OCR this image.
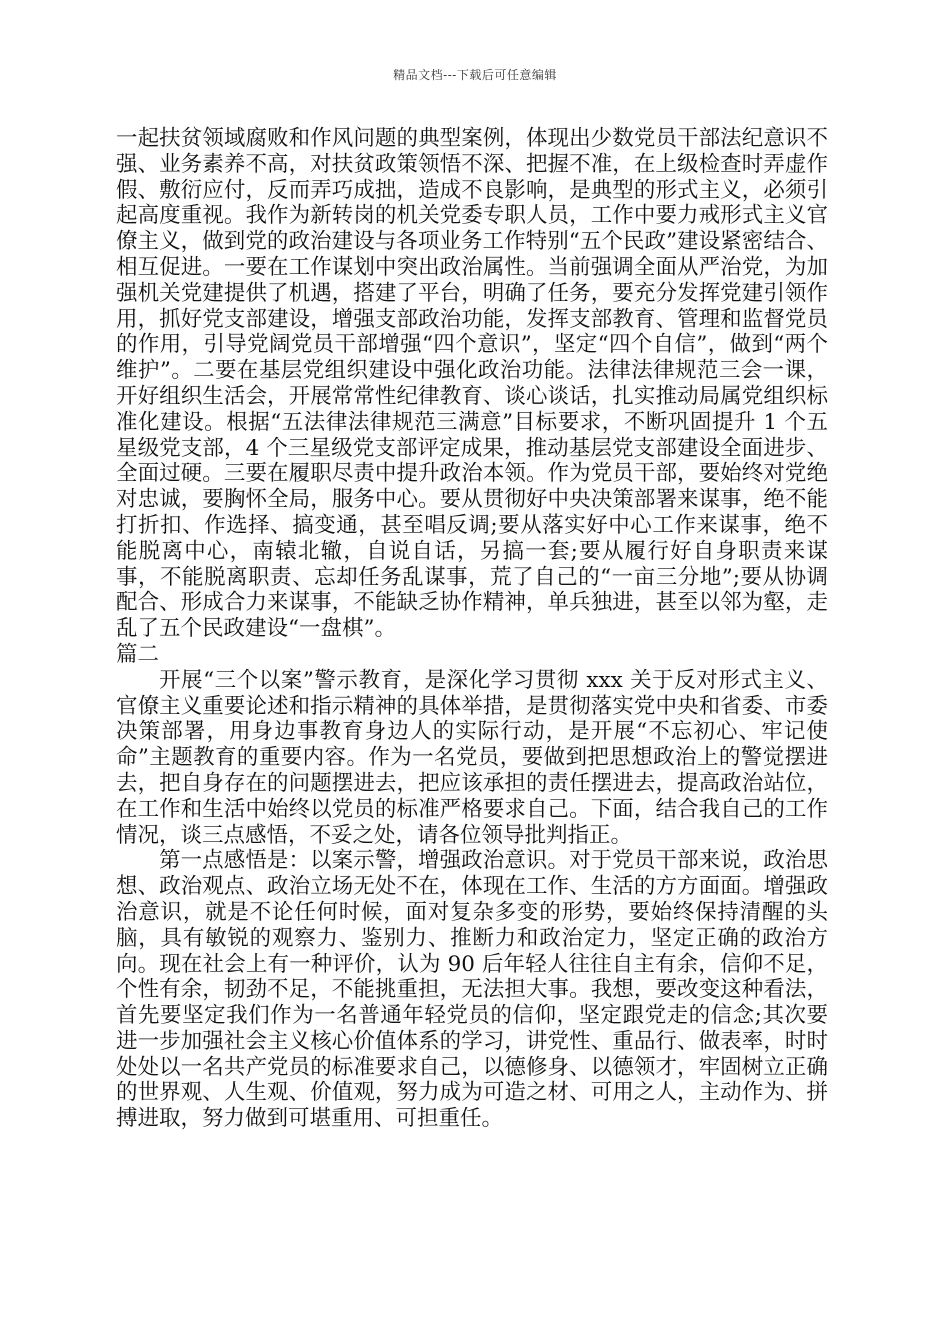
精品文档---下载后可任意编辑

一起扶贫领域腐败和作风问题的典型案例，体现出少数党员干部法纪意识不强、业务素养不高，对扶贫政策领悟不深、把握不准，在上级检查时弄虚作假、敷衍应付，反而弄巧成拙，造成不良影响，是典型的形式主义，必须引起高度重视。我作为新转岗的机关党委专职人员，工作中要力戒形式主义官僚主义，做到党的政治建设与各项业务工作特别“五个民政”建设紧密结合、相互促进。一要在工作谋划中突出政治属性。当前强调全面从严治党，为加强机关党建提供了机遇，搭建了平台，明确了任务，要充分发挥党建引领作用，抓好党支部建设，增强支部政治功能，发挥支部教育、管理和监督党员的作用，引导党阔党员干部增强“四个意识”，坚定“四个自信”，做到“两个维护”。二要在基层党组织建设中强化政治功能。法律法律规范三会一课，开好组织生活会，开展常常性纪律教育、谈心谈话，扎实推动局属党组织标准化建设。根据“五法律法律规范三满意”目标要求，不断巩固提升 1 个五星级党支部，4 个三星级党支部评定成果，推动基层党支部建设全面进步、全面过硬。三要在履职尽责中提升政治本领。作为党员干部，要始终对党绝对忠诚，要胸怀全局，服务中心。要从贯彻好中央决策部署来谋事，绝不能打折扣、作选择、搞变通，甚至唱反调;要从落实好中心工作来谋事，绝不能脱离中心，南辕北辙，自说自话，另搞一套;要从履行好自身职责来谋事，不能脱离职责、忘却任务乱谋事，荒了自己的“一亩三分地”;要从协调配合、形成合力来谋事，不能缺乏协作精神，单兵独进，甚至以邻为壑，走乱了五个民政建设“一盘棋”。

篇二

开展“三个以案”警示教育，是深化学习贯彻 xxx 关于反对形式主义、官僚主义重要论述和指示精神的具体举措，是贯彻落实党中央和省委、市委决策部署，用身边事教育身边人的实际行动，是开展“不忘初心、牢记使命”主题教育的重要内容。作为一名党员，要做到把思想政治上的警觉摆进去，把自身存在的问题摆进去，把应该承担的责任摆进去，提高政治站位，在工作和生活中始终以党员的标准严格要求自己。下面，结合我自己的工作情况，谈三点感悟，不妥之处，请各位领导批判指正。

第一点感悟是：以案示警，增强政治意识。对于党员干部来说，政治思想、政治观点、政治立场无处不在，体现在工作、生活的方方面面。增强政治意识，就是不论任何时候，面对复杂多变的形势，要始终保持清醒的头脑，具有敏锐的观察力、鉴别力、推断力和政治定力，坚定正确的政治方向。现在社会上有一种评价，认为 90 后年轻人往往自主有余，信仰不足，个性有余，韧劲不足，不能挑重担，无法担大事。我想，要改变这种看法，首先要坚定我们作为一名普通年轻党员的信仰，坚定跟党走的信念;其次要进一步加强社会主义核心价值体系的学习，讲党性、重品行、做表率，时时处处以一名共产党员的标准要求自己，以德修身、以德领才，牢固树立正确的世界观、人生观、价值观，努力成为可造之材、可用之人，主动作为、拼搏进取，努力做到可堪重用、可担重任。
